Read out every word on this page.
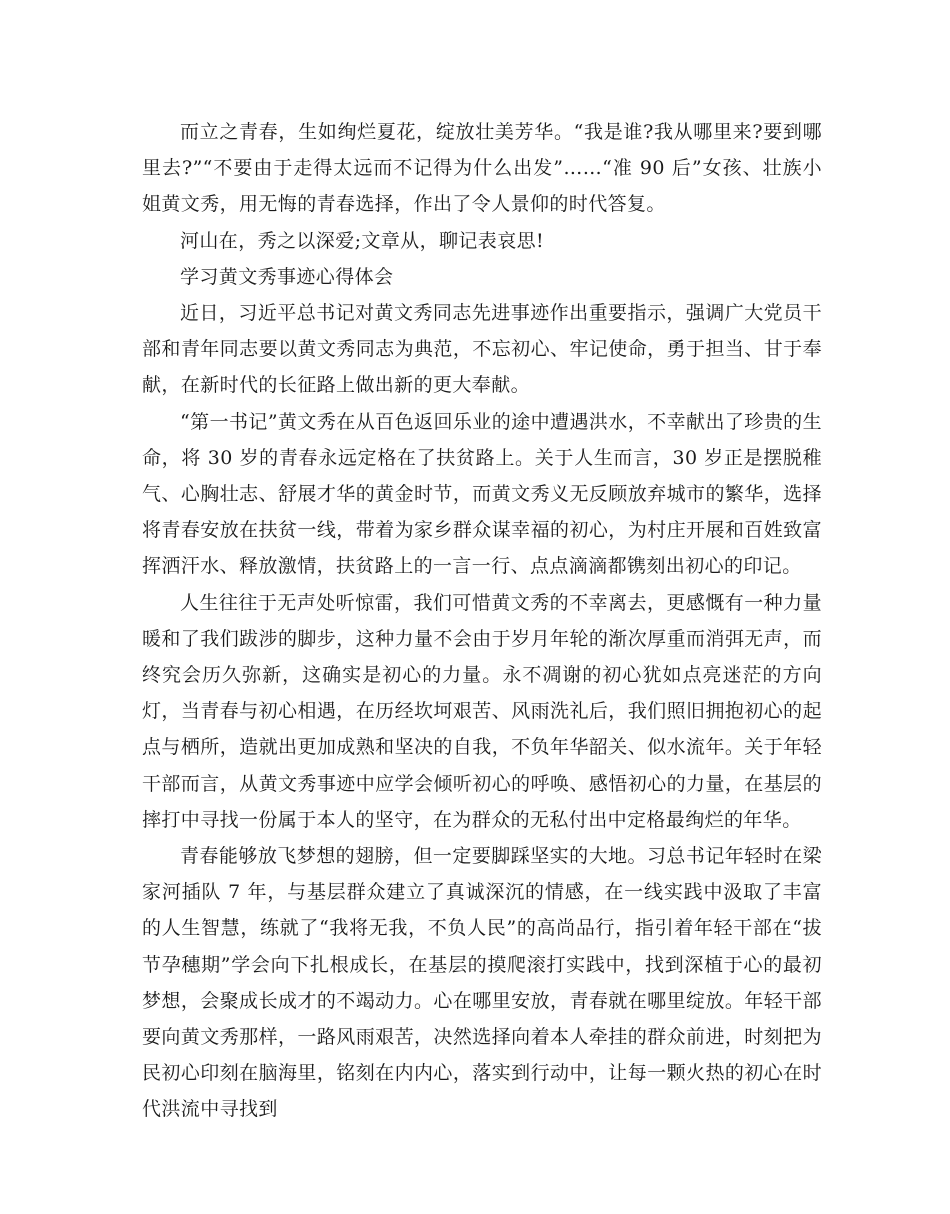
而立之青春，生如绚烂夏花，绽放壮美芳华。“我是谁?我从哪里来?要到哪里去?”“不要由于走得太远而不记得为什么出发”……“准 90 后”女孩、壮族小姐黄文秀，用无悔的青春选择，作出了令人景仰的时代答复。

河山在，秀之以深爱;文章从，聊记表哀思!

学习黄文秀事迹心得体会

近日，习近平总书记对黄文秀同志先进事迹作出重要指示，强调广大党员干部和青年同志要以黄文秀同志为典范，不忘初心、牢记使命，勇于担当、甘于奉献，在新时代的长征路上做出新的更大奉献。

“第一书记”黄文秀在从百色返回乐业的途中遭遇洪水，不幸献出了珍贵的生命，将 30 岁的青春永远定格在了扶贫路上。关于人生而言，30 岁正是摆脱稚气、心胸壮志、舒展才华的黄金时节，而黄文秀义无反顾放弃城市的繁华，选择将青春安放在扶贫一线，带着为家乡群众谋幸福的初心，为村庄开展和百姓致富挥洒汗水、释放激情，扶贫路上的一言一行、点点滴滴都镌刻出初心的印记。

人生往往于无声处听惊雷，我们可惜黄文秀的不幸离去，更感慨有一种力量暖和了我们跋涉的脚步，这种力量不会由于岁月年轮的渐次厚重而消弭无声，而终究会历久弥新，这确实是初心的力量。永不凋谢的初心犹如点亮迷茫的方向灯，当青春与初心相遇，在历经坎坷艰苦、风雨洗礼后，我们照旧拥抱初心的起点与栖所，造就出更加成熟和坚决的自我，不负年华韶关、似水流年。关于年轻干部而言，从黄文秀事迹中应学会倾听初心的呼唤、感悟初心的力量，在基层的摔打中寻找一份属于本人的坚守，在为群众的无私付出中定格最绚烂的年华。

青春能够放飞梦想的翅膀，但一定要脚踩坚实的大地。习总书记年轻时在梁家河插队 7 年，与基层群众建立了真诚深沉的情感，在一线实践中汲取了丰富的人生智慧，练就了“我将无我，不负人民”的高尚品行，指引着年轻干部在“拔节孕穗期”学会向下扎根成长，在基层的摸爬滚打实践中，找到深植于心的最初梦想，会聚成长成才的不竭动力。心在哪里安放，青春就在哪里绽放。年轻干部要向黄文秀那样，一路风雨艰苦，决然选择向着本人牵挂的群众前进，时刻把为民初心印刻在脑海里，铭刻在内内心，落实到行动中，让每一颗火热的初心在时代洪流中寻找到
